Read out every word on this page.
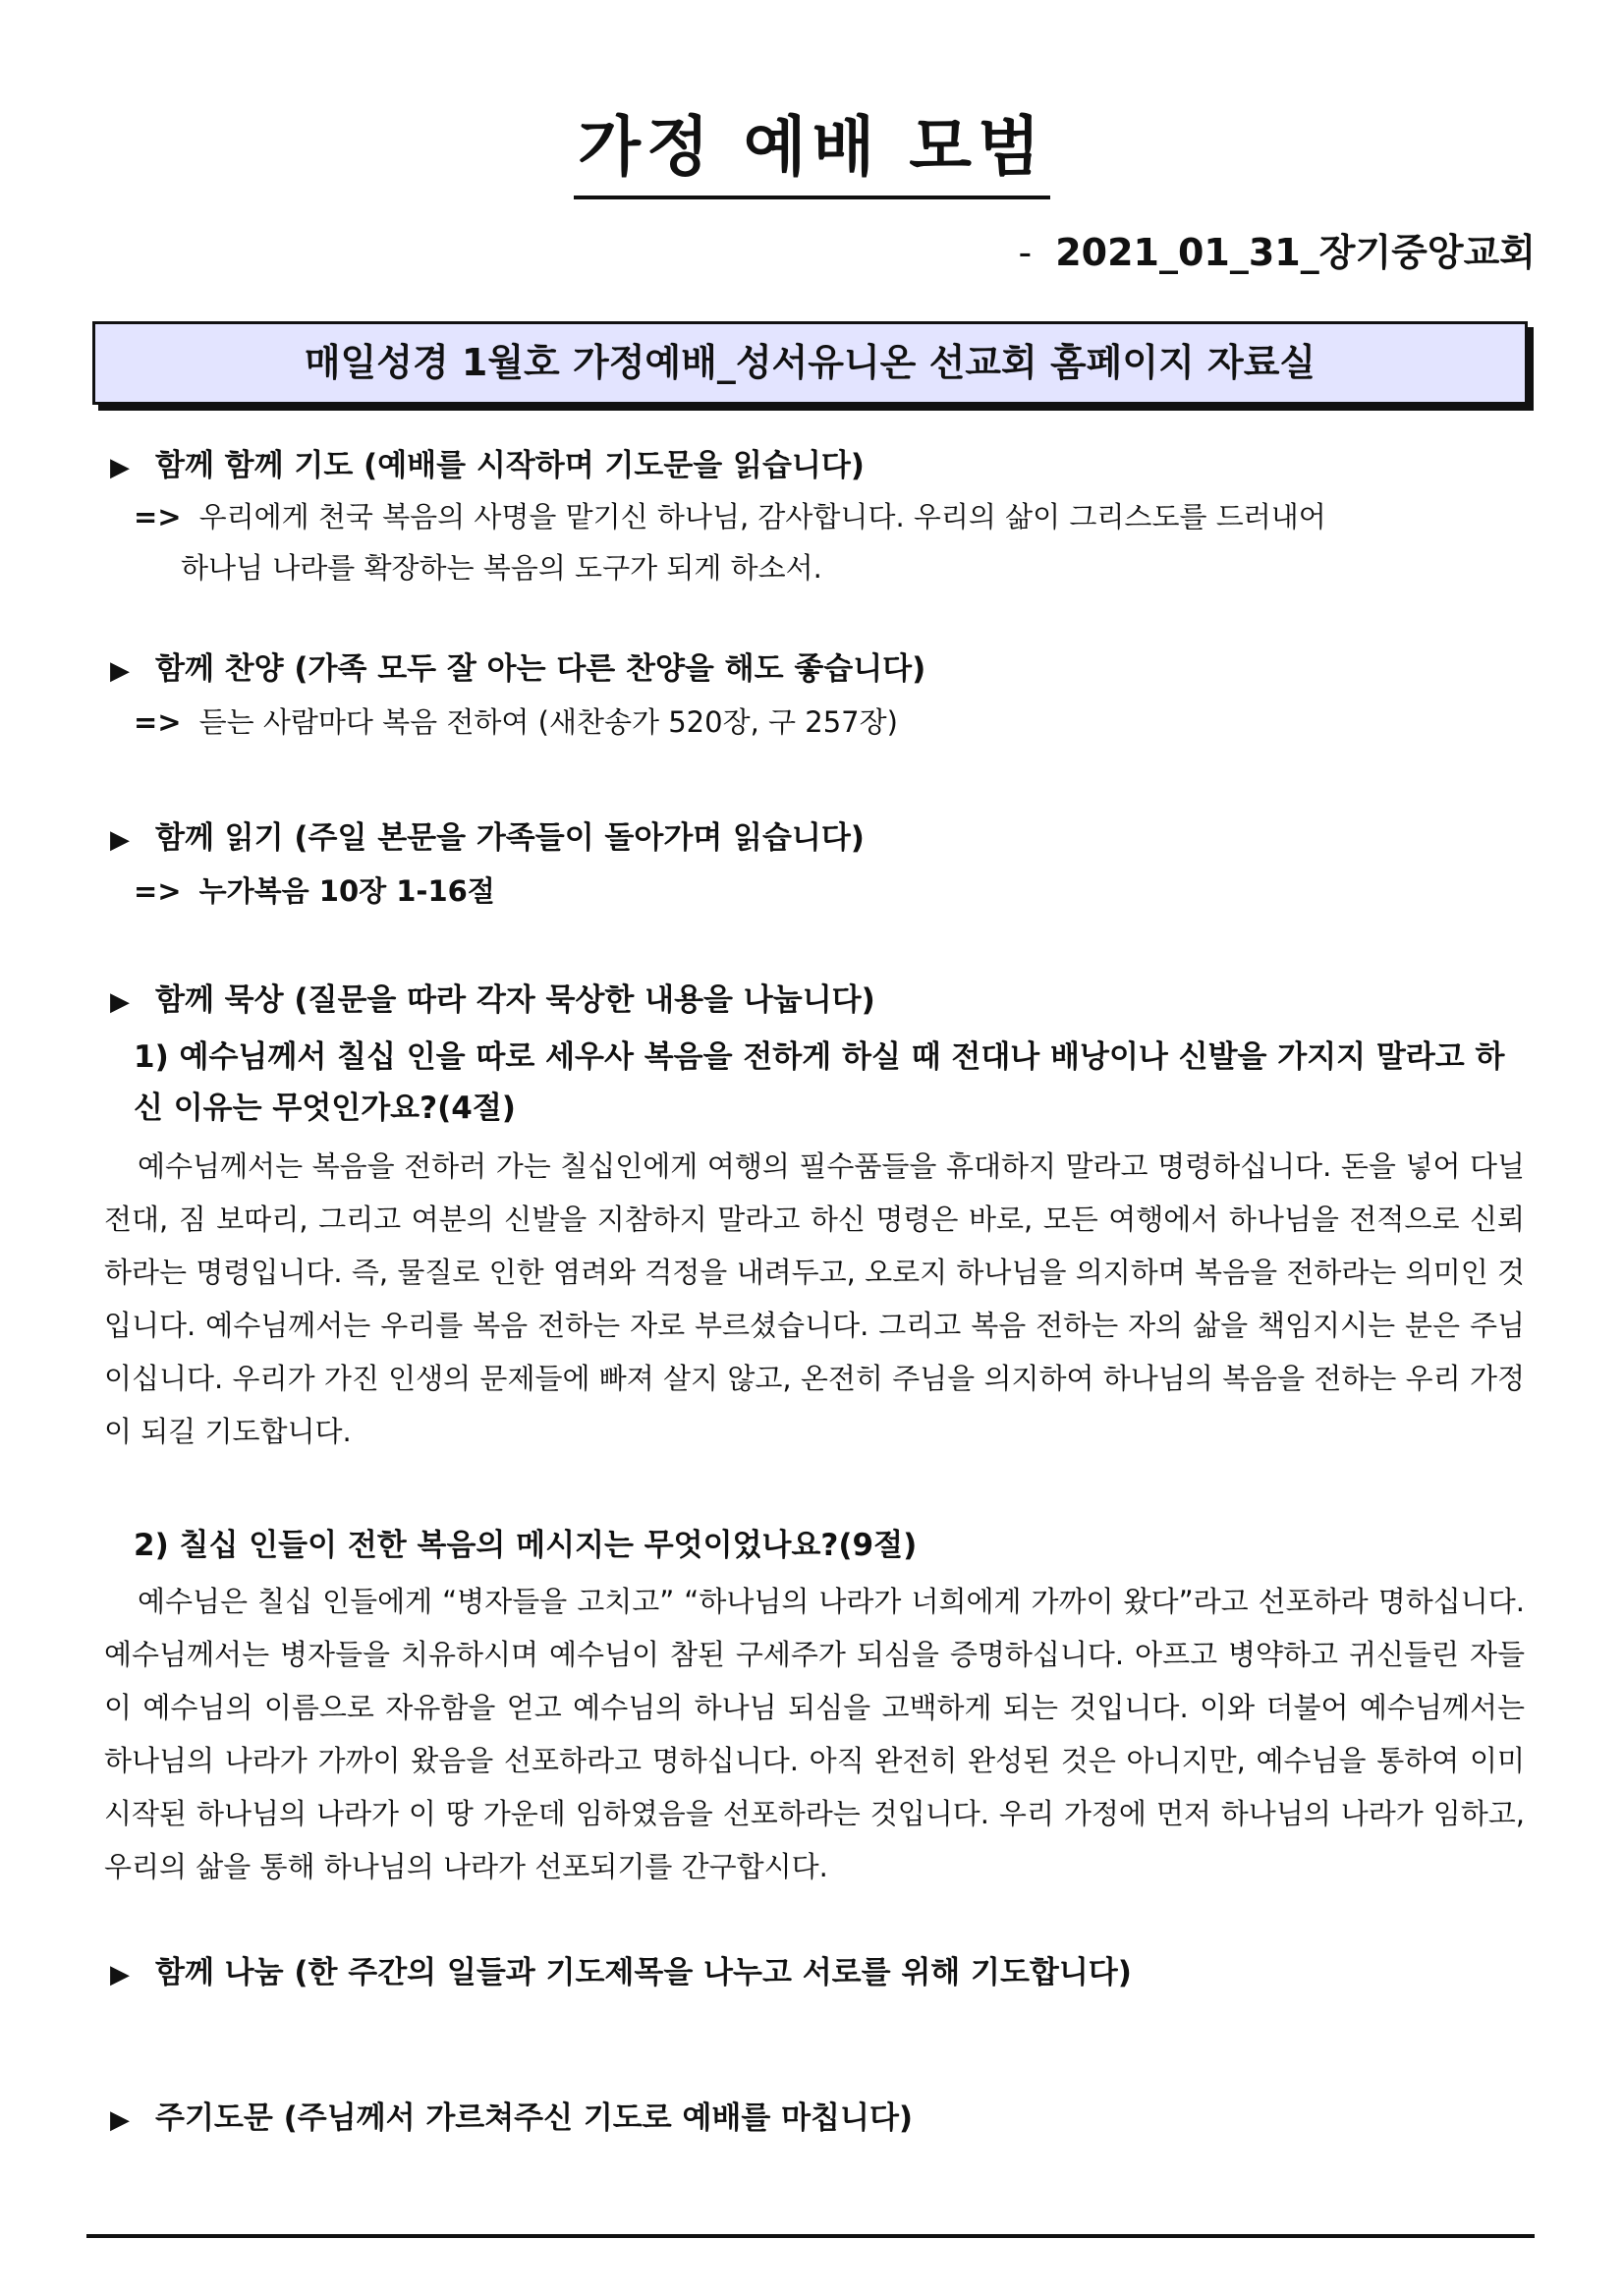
가정 예배 모범
- 2021_01_31_장기중앙교회
매일성경 1월호 가정예배_성서유니온 선교회 홈페이지 자료실
▶ 함께 함께 기도 (예배를 시작하며 기도문을 읽습니다)
=> 우리에게 천국 복음의 사명을 맡기신 하나님, 감사합니다. 우리의 삶이 그리스도를 드러내어
하나님 나라를 확장하는 복음의 도구가 되게 하소서.
▶ 함께 찬양 (가족 모두 잘 아는 다른 찬양을 해도 좋습니다)
=> 듣는 사람마다 복음 전하여 (새찬송가 520장, 구 257장)
▶ 함께 읽기 (주일 본문을 가족들이 돌아가며 읽습니다)
=> 누가복음 10장 1-16절
▶ 함께 묵상 (질문을 따라 각자 묵상한 내용을 나눕니다)
1) 예수님께서 칠십 인을 따로 세우사 복음을 전하게 하실 때 전대나 배낭이나 신발을 가지지 말라고 하신 이유는 무엇인가요?(4절)
예수님께서는 복음을 전하러 가는 칠십인에게 여행의 필수품들을 휴대하지 말라고 명령하십니다. 돈을 넣어 다닐 전대, 짐 보따리, 그리고 여분의 신발을 지참하지 말라고 하신 명령은 바로, 모든 여행에서 하나님을 전적으로 신뢰하라는 명령입니다. 즉, 물질로 인한 염려와 걱정을 내려두고, 오로지 하나님을 의지하며 복음을 전하라는 의미인 것입니다. 예수님께서는 우리를 복음 전하는 자로 부르셨습니다. 그리고 복음 전하는 자의 삶을 책임지시는 분은 주님이십니다. 우리가 가진 인생의 문제들에 빠져 살지 않고, 온전히 주님을 의지하여 하나님의 복음을 전하는 우리 가정이 되길 기도합니다.
2) 칠십 인들이 전한 복음의 메시지는 무엇이었나요?(9절)
예수님은 칠십 인들에게 “병자들을 고치고” “하나님의 나라가 너희에게 가까이 왔다”라고 선포하라 명하십니다. 예수님께서는 병자들을 치유하시며 예수님이 참된 구세주가 되심을 증명하십니다. 아프고 병약하고 귀신들린 자들이 예수님의 이름으로 자유함을 얻고 예수님의 하나님 되심을 고백하게 되는 것입니다. 이와 더불어 예수님께서는 하나님의 나라가 가까이 왔음을 선포하라고 명하십니다. 아직 완전히 완성된 것은 아니지만, 예수님을 통하여 이미 시작된 하나님의 나라가 이 땅 가운데 임하였음을 선포하라는 것입니다. 우리 가정에 먼저 하나님의 나라가 임하고, 우리의 삶을 통해 하나님의 나라가 선포되기를 간구합시다.
▶ 함께 나눔 (한 주간의 일들과 기도제목을 나누고 서로를 위해 기도합니다)
▶ 주기도문 (주님께서 가르쳐주신 기도로 예배를 마칩니다)
